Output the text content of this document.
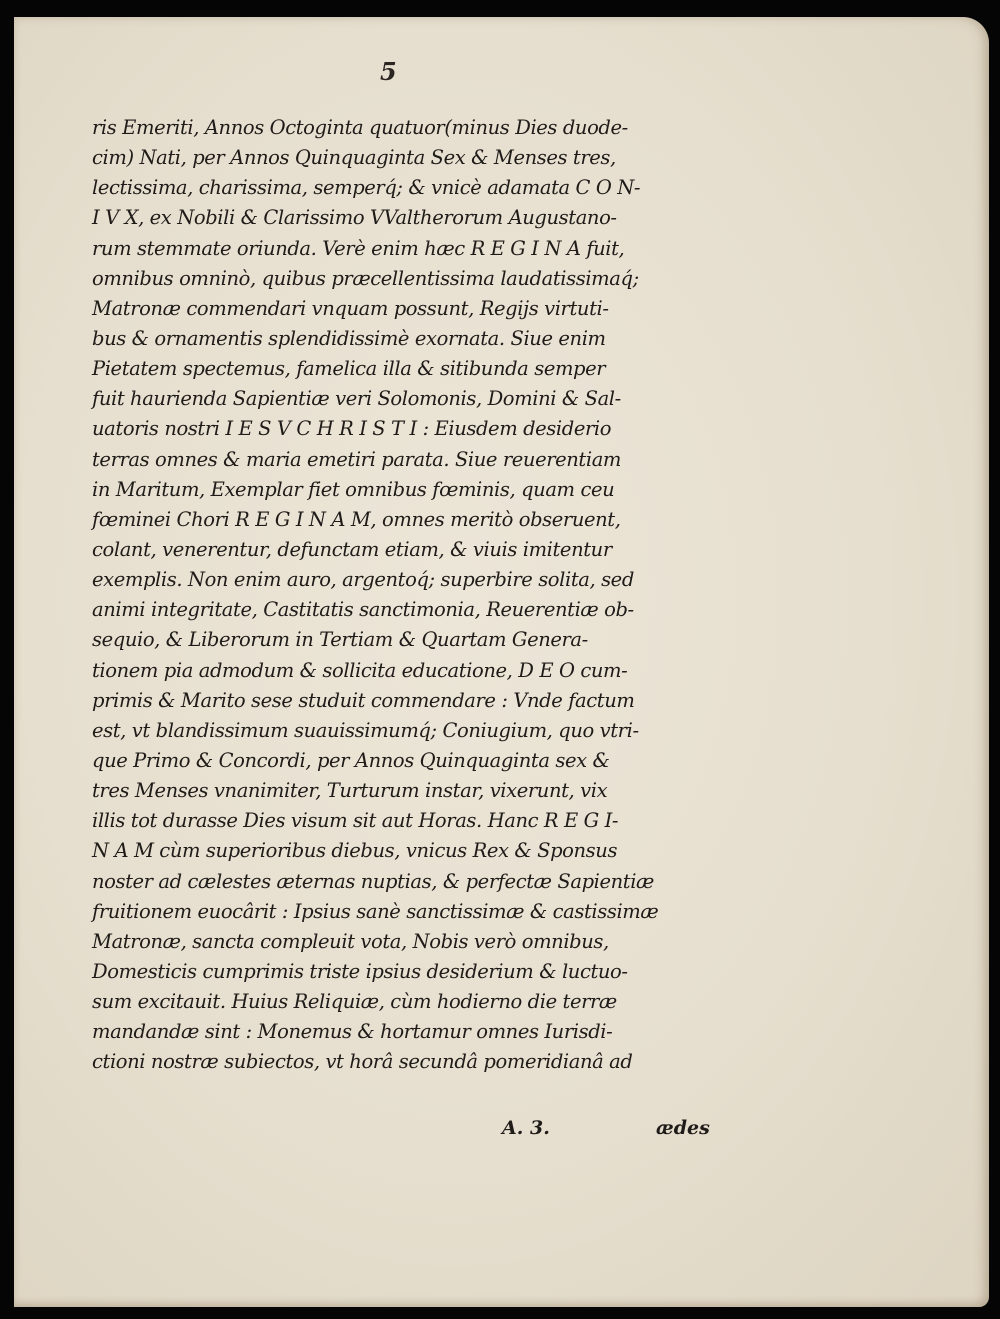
5
ris Emeriti, Annos Octoginta quatuor(minus Dies duode-
cim) Nati, per Annos Quinquaginta Sex & Menses tres,
lectissima, charissima, semperq́; & vnicè adamata C O N-
I V X, ex Nobili & Clarissimo VValtherorum Augustano-
rum stemmate oriunda. Verè enim hæc R E G I N A fuit,
omnibus omninò, quibus præcellentissima laudatissimaq́;
Matronæ commendari vnquam possunt, Regijs virtuti-
bus & ornamentis splendidissimè exornata. Siue enim
Pietatem spectemus, famelica illa & sitibunda semper
fuit haurienda Sapientiæ veri Solomonis, Domini & Sal-
uatoris nostri I E S V C H R I S T I : Eiusdem desiderio
terras omnes & maria emetiri parata. Siue reuerentiam
in Maritum, Exemplar fiet omnibus fœminis, quam ceu
fœminei Chori R E G I N A M, omnes meritò obseruent,
colant, venerentur, defunctam etiam, & viuis imitentur
exemplis. Non enim auro, argentoq́; superbire solita, sed
animi integritate, Castitatis sanctimonia, Reuerentiæ ob-
sequio, & Liberorum in Tertiam & Quartam Genera-
tionem pia admodum & sollicita educatione, D E O cum-
primis & Marito sese studuit commendare : Vnde factum
est, vt blandissimum suauissimumq́; Coniugium, quo vtri-
que Primo & Concordi, per Annos Quinquaginta sex &
tres Menses vnanimiter, Turturum instar, vixerunt, vix
illis tot durasse Dies visum sit aut Horas. Hanc R E G I-
N A M cùm superioribus diebus, vnicus Rex & Sponsus
noster ad cælestes æternas nuptias, & perfectæ Sapientiæ
fruitionem euocârit : Ipsius sanè sanctissimæ & castissimæ
Matronæ, sancta compleuit vota, Nobis verò omnibus,
Domesticis cumprimis triste ipsius desiderium & luctuo-
sum excitauit. Huius Reliquiæ, cùm hodierno die terræ
mandandæ sint : Monemus & hortamur omnes Iurisdi-
ctioni nostræ subiectos, vt horâ secundâ pomeridianâ ad
A. 3.	ædes
